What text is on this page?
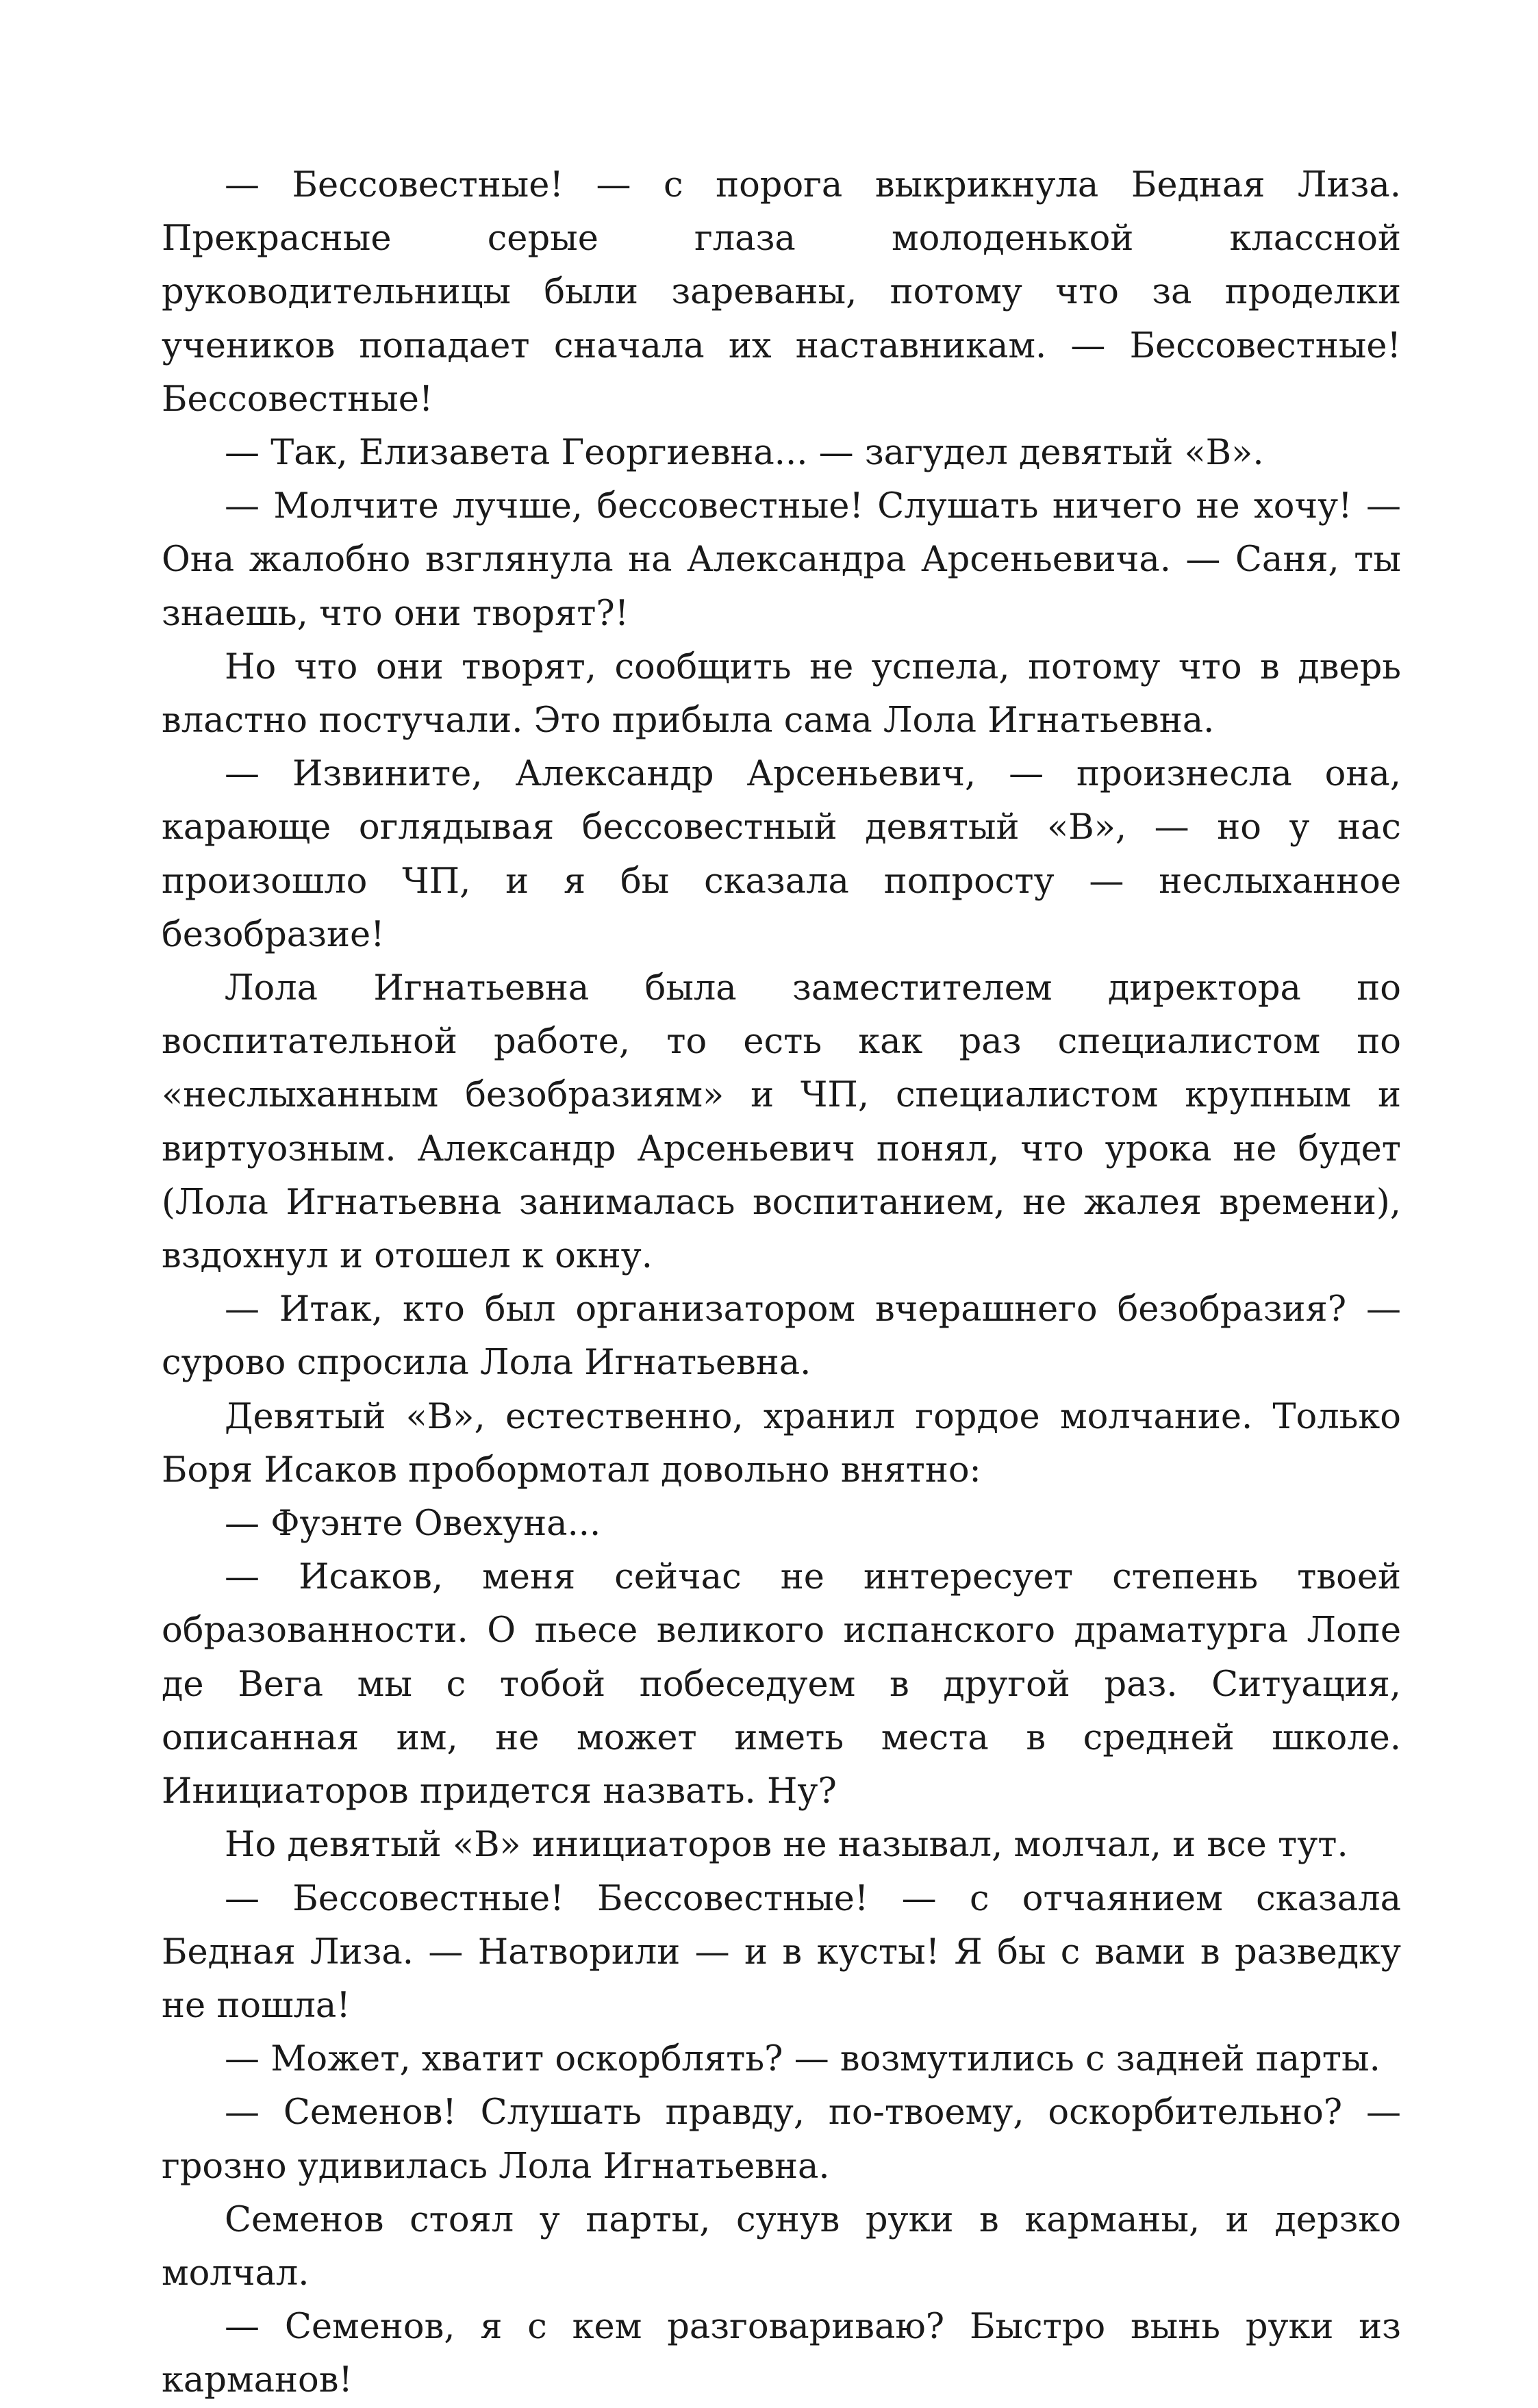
— Бессовестные! — с порога выкрикнула Бедная Лиза. Прекрасные серые глаза молоденькой классной руководительницы были зареваны, потому что за проделки учеников попадает сначала их наставникам. — Бессовестные! Бессовестные!

— Так, Елизавета Георгиевна... — загудел девятый «В».

— Молчите лучше, бессовестные! Слушать ничего не хочу! — Она жалобно взглянула на Александра Арсеньевича. — Саня, ты знаешь, что они творят?!

Но что они творят, сообщить не успела, потому что в дверь властно постучали. Это прибыла сама Лола Игнатьевна.

— Извините, Александр Арсеньевич, — произнесла она, карающе оглядывая бессовестный девятый «В», — но у нас произошло ЧП, и я бы сказала попросту — неслыханное безобразие!

Лола Игнатьевна была заместителем директора по воспитательной работе, то есть как раз специалистом по «неслыханным безобразиям» и ЧП, специалистом крупным и виртуозным. Александр Арсеньевич понял, что урока не будет (Лола Игнатьевна занималась воспитанием, не жалея времени), вздохнул и отошел к окну.

— Итак, кто был организатором вчерашнего безобразия? — сурово спросила Лола Игнатьевна.

Девятый «В», естественно, хранил гордое молчание. Только Боря Исаков пробормотал довольно внятно:

— Фуэнте Овехуна...

— Исаков, меня сейчас не интересует степень твоей образованности. О пьесе великого испанского драматурга Лопе де Вега мы с тобой побеседуем в другой раз. Ситуация, описанная им, не может иметь места в средней школе. Инициаторов придется назвать. Ну?

Но девятый «В» инициаторов не называл, молчал, и все тут.

— Бессовестные! Бессовестные! — с отчаянием сказала Бедная Лиза. — Натворили — и в кусты! Я бы с вами в разведку не пошла!

— Может, хватит оскорблять? — возмутились с задней парты.

— Семенов! Слушать правду, по-твоему, оскорбительно? — грозно удивилась Лола Игнатьевна.

Семенов стоял у парты, сунув руки в карманы, и дерзко молчал.

— Семенов, я с кем разговариваю? Быстро вынь руки из карманов!
